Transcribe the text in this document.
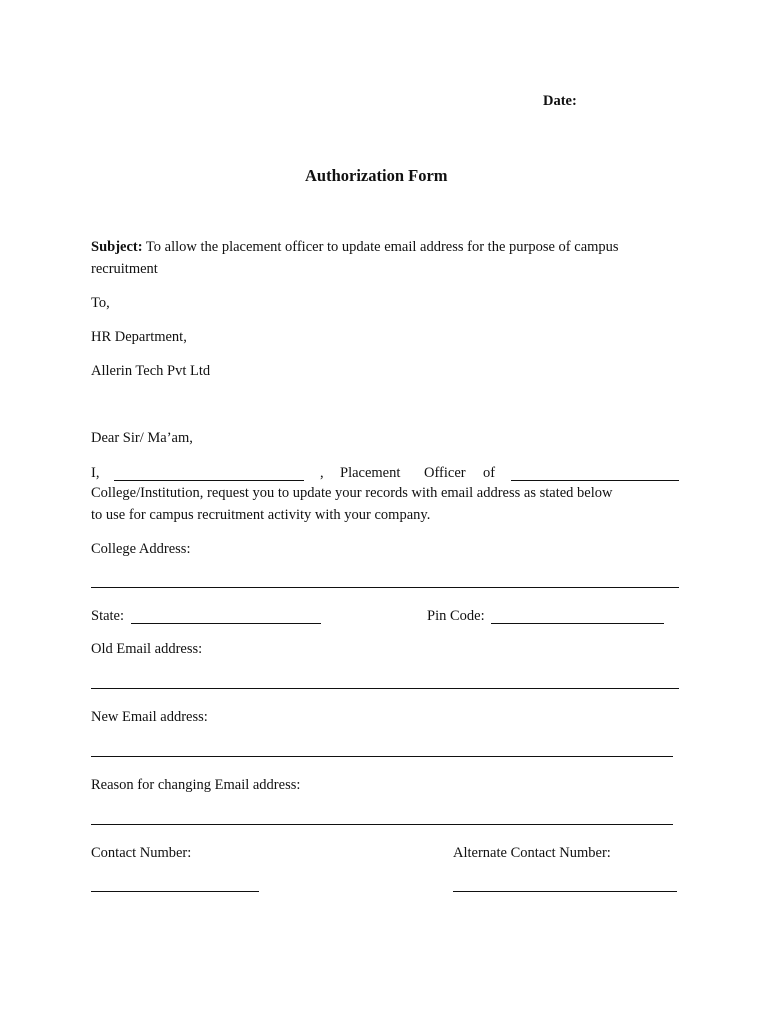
Date:
Authorization Form
Subject: To allow the placement officer to update email address for the purpose of campus
recruitment
To,
HR Department,
Allerin Tech Pvt Ltd
Dear Sir/ Ma’am,
I,	, Placement Officer of
College/Institution, request you to update your records with email address as stated below
to use for campus recruitment activity with your company.
College Address:
State:	Pin Code:
Old Email address:
New Email address:
Reason for changing Email address:
Contact Number:	Alternate Contact Number:
